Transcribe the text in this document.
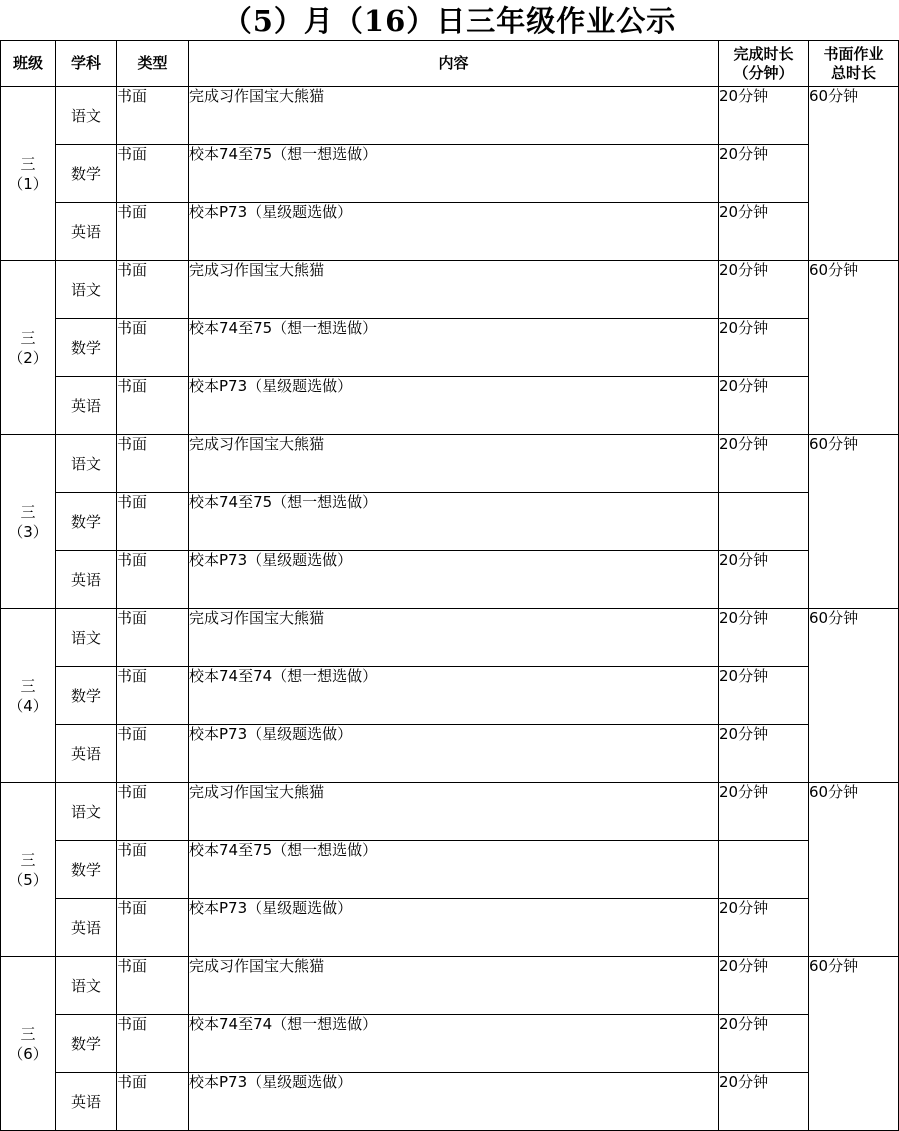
（5）月（16）日三年级作业公示
班级	学科	类型	内容	完成时长
（分钟）	书面作业
总时长

三
（1）	语文	书面	完成习作国宝大熊猫	20分钟	60分钟
	数学	书面	校本74至75（想一想选做）	20分钟	
	英语	书面	校本P73（星级题选做）	20分钟	

三
（2）	语文	书面	完成习作国宝大熊猫	20分钟	60分钟
	数学	书面	校本74至75（想一想选做）	20分钟	
	英语	书面	校本P73（星级题选做）	20分钟	

三
（3）	语文	书面	完成习作国宝大熊猫	20分钟	60分钟
	数学	书面	校本74至75（想一想选做）		
	英语	书面	校本P73（星级题选做）	20分钟	

三
（4）	语文	书面	完成习作国宝大熊猫	20分钟	60分钟
	数学	书面	校本74至74（想一想选做）	20分钟	
	英语	书面	校本P73（星级题选做）	20分钟	

三
（5）	语文	书面	完成习作国宝大熊猫	20分钟	60分钟
	数学	书面	校本74至75（想一想选做）		
	英语	书面	校本P73（星级题选做）	20分钟	

三
（6）	语文	书面	完成习作国宝大熊猫	20分钟	60分钟
	数学	书面	校本74至74（想一想选做）	20分钟	
	英语	书面	校本P73（星级题选做）	20分钟	
